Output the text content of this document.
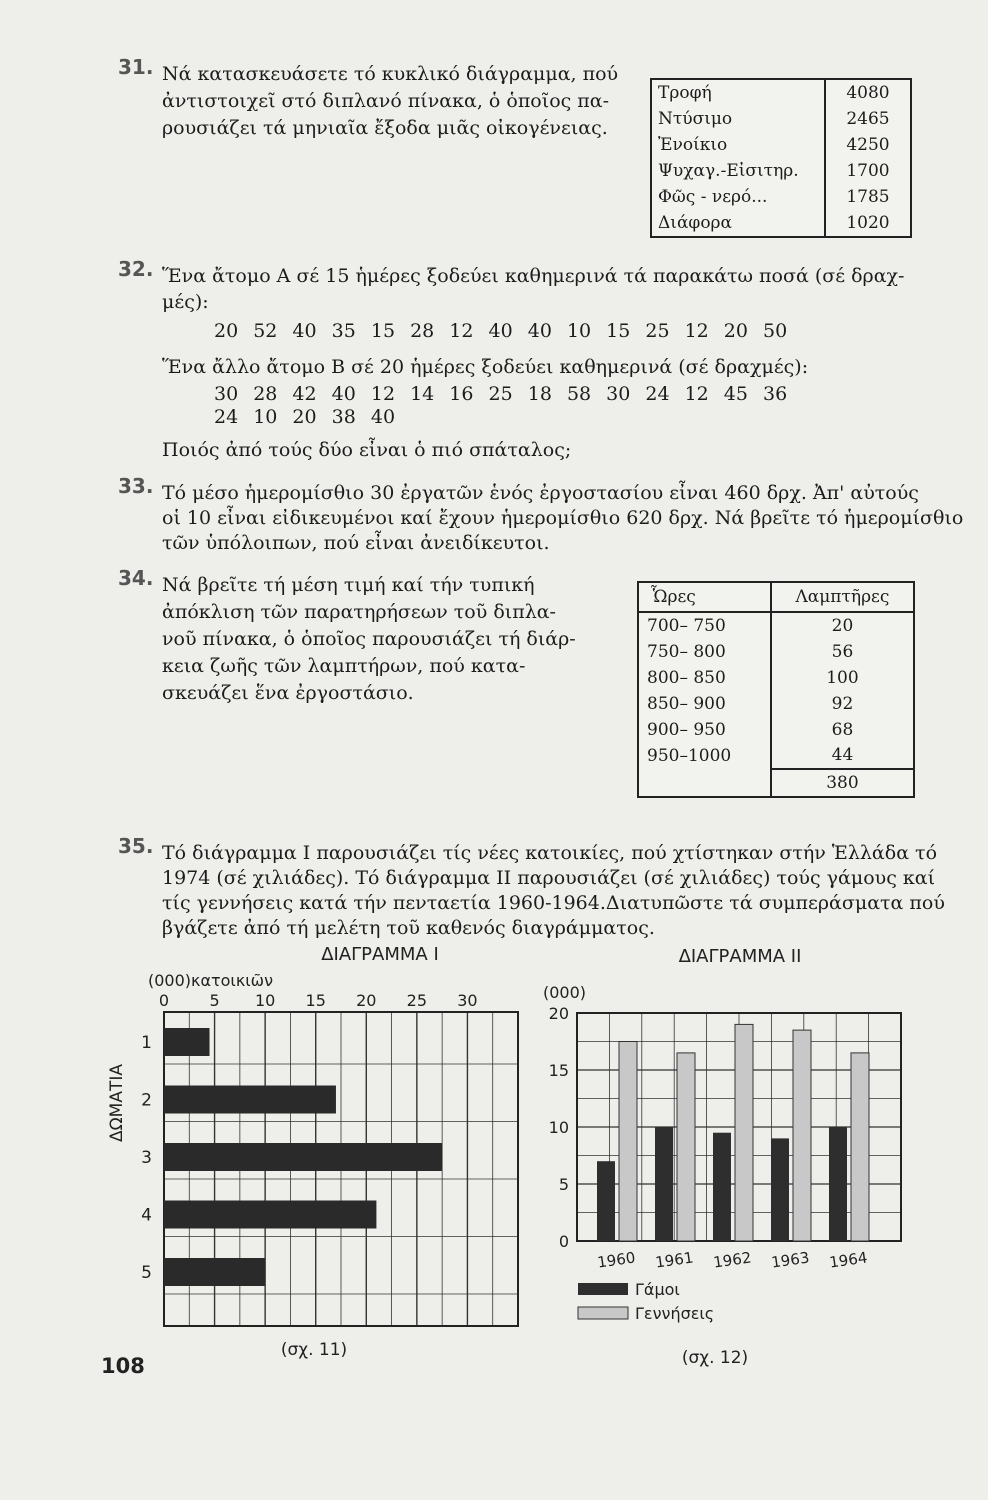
31. Νά κατασκευάσετε τό κυκλικό διάγραμμα, πού
ἀντιστοιχεῖ στό διπλανό πίνακα, ὁ ὁποῖος πα-
ρουσιάζει τά μηνιαῖα ἔξοδα μιᾶς οἰκογένειας.
Τροφή	4080
Ντύσιμο	2465
Ἐνοίκιο	4250
Ψυχαγ.-Εἰσιτηρ.	1700
Φῶς - νερό...	1785
Διάφορα	1020
32. Ἕνα ἄτομο Α σέ 15 ἡμέρες ξοδεύει καθημερινά τά παρακάτω ποσά (σέ δραχ-
μές):
20 52 40 35 15 28 12 40 40 10 15 25 12 20 50
Ἕνα ἄλλο ἄτομο Β σέ 20 ἡμέρες ξοδεύει καθημερινά (σέ δραχμές):
30 28 42 40 12 14 16 25 18 58 30 24 12 45 36
24 10 20 38 40
Ποιός ἀπό τούς δύο εἶναι ὁ πιό σπάταλος;
33. Τό μέσο ἡμερομίσθιο 30 ἐργατῶν ἑνός ἐργοστασίου εἶναι 460 δρχ. Ἀπ' αὐτούς
οἱ 10 εἶναι εἰδικευμένοι καί ἔχουν ἡμερομίσθιο 620 δρχ. Νά βρεῖτε τό ἡμερομίσθιο
τῶν ὑπόλοιπων, πού εἶναι ἀνειδίκευτοι.
34. Νά βρεῖτε τή μέση τιμή καί τήν τυπική
ἀπόκλιση τῶν παρατηρήσεων τοῦ διπλα-
νοῦ πίνακα, ὁ ὁποῖος παρουσιάζει τή διάρ-
κεια ζωῆς τῶν λαμπτήρων, πού κατα-
σκευάζει ἕνα ἐργοστάσιο.
Ὧρες	Λαμπτῆρες
700– 750	20
750– 800	56
800– 850	100
850– 900	92
900– 950	68
950–1000	44
	380
35. Τό διάγραμμα I παρουσιάζει τίς νέες κατοικίες, πού χτίστηκαν στήν Ἑλλάδα τό
1974 (σέ χιλιάδες). Τό διάγραμμα II παρουσιάζει (σέ χιλιάδες) τούς γάμους καί
τίς γεννήσεις κατά τήν πενταετία 1960-1964.Διατυπῶστε τά συμπεράσματα πού
βγάζετε ἀπό τή μελέτη τοῦ καθενός διαγράμματος.
ΔΙΑΓΡΑΜΜΑ I
(000)κατοικιῶν
ΔΩΜΑΤΙΑ
0	5 10 15 20 25 30
1
2
3
4
5
(σχ. 11)
ΔΙΑΓΡΑΜΜΑ II
(000)
0
5
10
15
20
1960 1961 1962 1963 1964
Γάμοι
Γεννήσεις
(σχ. 12)
108
